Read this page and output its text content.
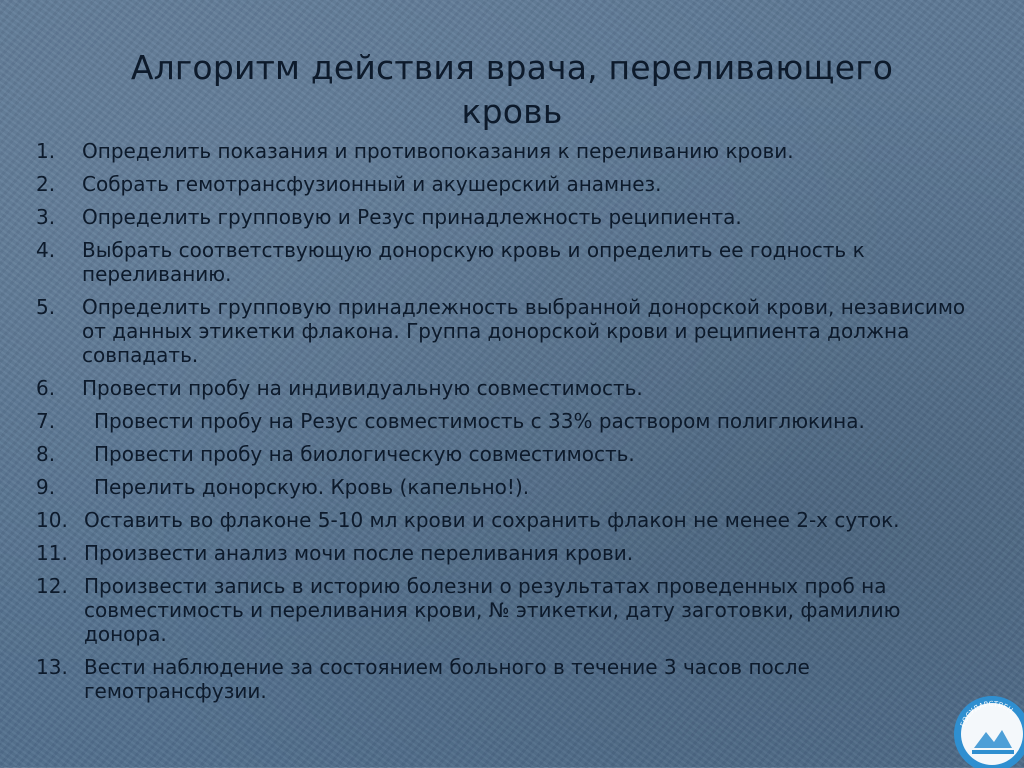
Алгоритм действия врача, переливающего
кровь
1.	Определить показания и противопоказания к переливанию крови.
2.	Собрать гемотрансфузионный и акушерский анамнез.
3.	Определить групповую и Резус принадлежность реципиента.
4.	Выбрать соответствующую донорскую кровь и определить ее годность к переливанию.
5.	Определить групповую принадлежность выбранной донорской крови, независимо от данных этикетки флакона. Группа донорской крови и реципиента должна совпадать.
6.	Провести пробу на индивидуальную совместимость.
7.	Провести пробу на Резус совместимость с 33% раствором полиглюкина.
8.	Провести пробу на биологическую совместимость.
9.	Перелить донорскую. Кровь (капельно!).
10. Оставить во флаконе 5-10 мл крови и сохранить флакон не менее 2-х суток.
11. Произвести анализ мочи после переливания крови.
12. Произвести запись в историю болезни о результатах проведенных проб на совместимость и переливания крови, № этикетки, дату заготовки, фамилию донора.
13. Вести наблюдение за состоянием больного в течение 3 часов после гемотрансфузии.
ГОСУДАРСТВЕН
